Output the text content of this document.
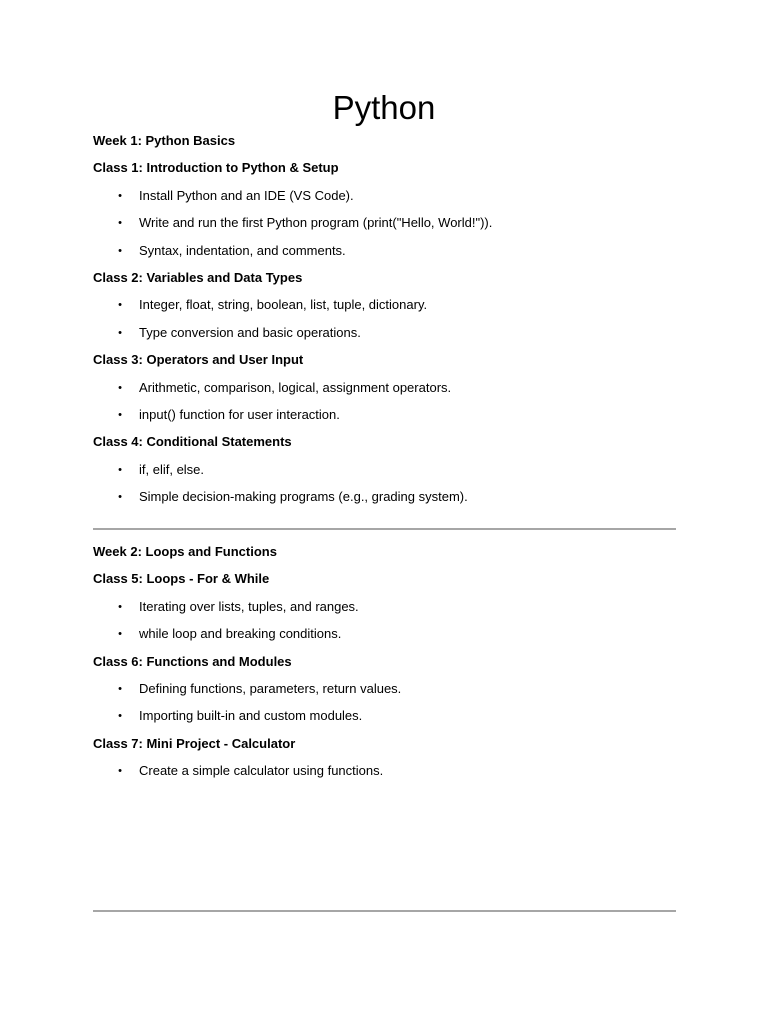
Python
Week 1: Python Basics
Class 1: Introduction to Python & Setup
• Install Python and an IDE (VS Code).
• Write and run the first Python program (print("Hello, World!")).
• Syntax, indentation, and comments.
Class 2: Variables and Data Types
• Integer, float, string, boolean, list, tuple, dictionary.
• Type conversion and basic operations.
Class 3: Operators and User Input
• Arithmetic, comparison, logical, assignment operators.
• input() function for user interaction.
Class 4: Conditional Statements
• if, elif, else.
• Simple decision-making programs (e.g., grading system).
Week 2: Loops and Functions
Class 5: Loops - For & While
• Iterating over lists, tuples, and ranges.
• while loop and breaking conditions.
Class 6: Functions and Modules
• Defining functions, parameters, return values.
• Importing built-in and custom modules.
Class 7: Mini Project - Calculator
• Create a simple calculator using functions.
